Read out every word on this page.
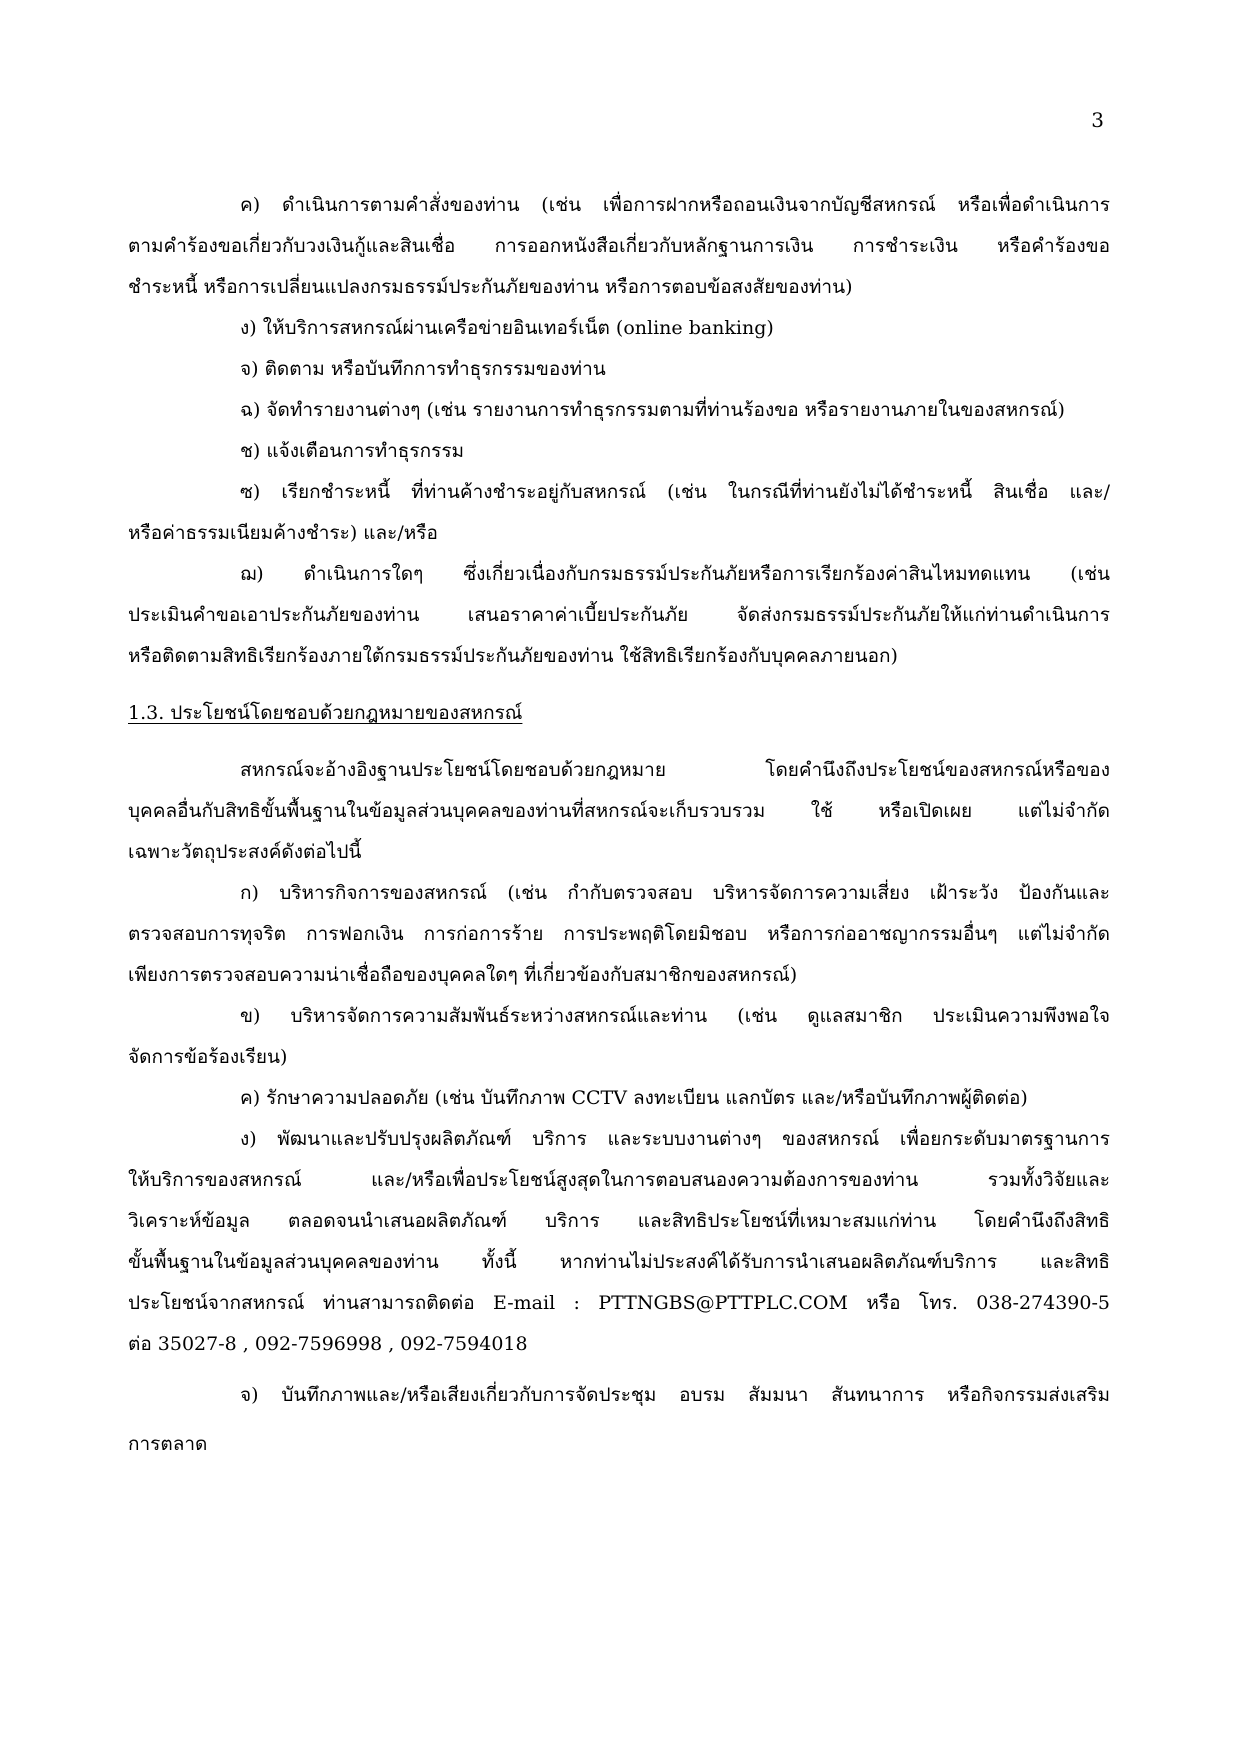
3
ค) ดำเนินการตามคำสั่งของท่าน (เช่น เพื่อการฝากหรือถอนเงินจากบัญชีสหกรณ์ หรือเพื่อดำเนินการ
ตามคำร้องขอเกี่ยวกับวงเงินกู้และสินเชื่อ การออกหนังสือเกี่ยวกับหลักฐานการเงิน การชำระเงิน หรือคำร้องขอ
ชำระหนี้ หรือการเปลี่ยนแปลงกรมธรรม์ประกันภัยของท่าน หรือการตอบข้อสงสัยของท่าน)
ง) ให้บริการสหกรณ์ผ่านเครือข่ายอินเทอร์เน็ต (online banking)
จ) ติดตาม หรือบันทึกการทำธุรกรรมของท่าน
ฉ) จัดทำรายงานต่างๆ (เช่น รายงานการทำธุรกรรมตามที่ท่านร้องขอ หรือรายงานภายในของสหกรณ์)
ช) แจ้งเตือนการทำธุรกรรม
ซ) เรียกชำระหนี้ ที่ท่านค้างชำระอยู่กับสหกรณ์ (เช่น ในกรณีที่ท่านยังไม่ได้ชำระหนี้ สินเชื่อ และ/
หรือค่าธรรมเนียมค้างชำระ) และ/หรือ
ฌ) ดำเนินการใดๆ ซึ่งเกี่ยวเนื่องกับกรมธรรม์ประกันภัยหรือการเรียกร้องค่าสินไหมทดแทน (เช่น
ประเมินคำขอเอาประกันภัยของท่าน เสนอราคาค่าเบี้ยประกันภัย จัดส่งกรมธรรม์ประกันภัยให้แก่ท่านดำเนินการ
หรือติดตามสิทธิเรียกร้องภายใต้กรมธรรม์ประกันภัยของท่าน ใช้สิทธิเรียกร้องกับบุคคลภายนอก)
1.3. ประโยชน์โดยชอบด้วยกฎหมายของสหกรณ์
สหกรณ์จะอ้างอิงฐานประโยชน์โดยชอบด้วยกฎหมาย โดยคำนึงถึงประโยชน์ของสหกรณ์หรือของ
บุคคลอื่นกับสิทธิขั้นพื้นฐานในข้อมูลส่วนบุคคลของท่านที่สหกรณ์จะเก็บรวบรวม ใช้ หรือเปิดเผย แต่ไม่จำกัด
เฉพาะวัตถุประสงค์ดังต่อไปนี้
ก) บริหารกิจการของสหกรณ์ (เช่น กำกับตรวจสอบ บริหารจัดการความเสี่ยง เฝ้าระวัง ป้องกันและ
ตรวจสอบการทุจริต การฟอกเงิน การก่อการร้าย การประพฤติโดยมิชอบ หรือการก่ออาชญากรรมอื่นๆ แต่ไม่จำกัด
เพียงการตรวจสอบความน่าเชื่อถือของบุคคลใดๆ ที่เกี่ยวข้องกับสมาชิกของสหกรณ์)
ข) บริหารจัดการความสัมพันธ์ระหว่างสหกรณ์และท่าน (เช่น ดูแลสมาชิก ประเมินความพึงพอใจ
จัดการข้อร้องเรียน)
ค) รักษาความปลอดภัย (เช่น บันทึกภาพ CCTV ลงทะเบียน แลกบัตร และ/หรือบันทึกภาพผู้ติดต่อ)
ง) พัฒนาและปรับปรุงผลิตภัณฑ์ บริการ และระบบงานต่างๆ ของสหกรณ์ เพื่อยกระดับมาตรฐานการ
ให้บริการของสหกรณ์ และ/หรือเพื่อประโยชน์สูงสุดในการตอบสนองความต้องการของท่าน รวมทั้งวิจัยและ
วิเคราะห์ข้อมูล ตลอดจนนำเสนอผลิตภัณฑ์ บริการ และสิทธิประโยชน์ที่เหมาะสมแก่ท่าน โดยคำนึงถึงสิทธิ
ขั้นพื้นฐานในข้อมูลส่วนบุคคลของท่าน ทั้งนี้ หากท่านไม่ประสงค์ได้รับการนำเสนอผลิตภัณฑ์บริการ และสิทธิ
ประโยชน์จากสหกรณ์ ท่านสามารถติดต่อ E-mail : PTTNGBS@PTTPLC.COM หรือ โทร. 038-274390-5
ต่อ 35027-8 , 092-7596998 , 092-7594018
จ) บันทึกภาพและ/หรือเสียงเกี่ยวกับการจัดประชุม อบรม สัมมนา สันทนาการ หรือกิจกรรมส่งเสริม
การตลาด
